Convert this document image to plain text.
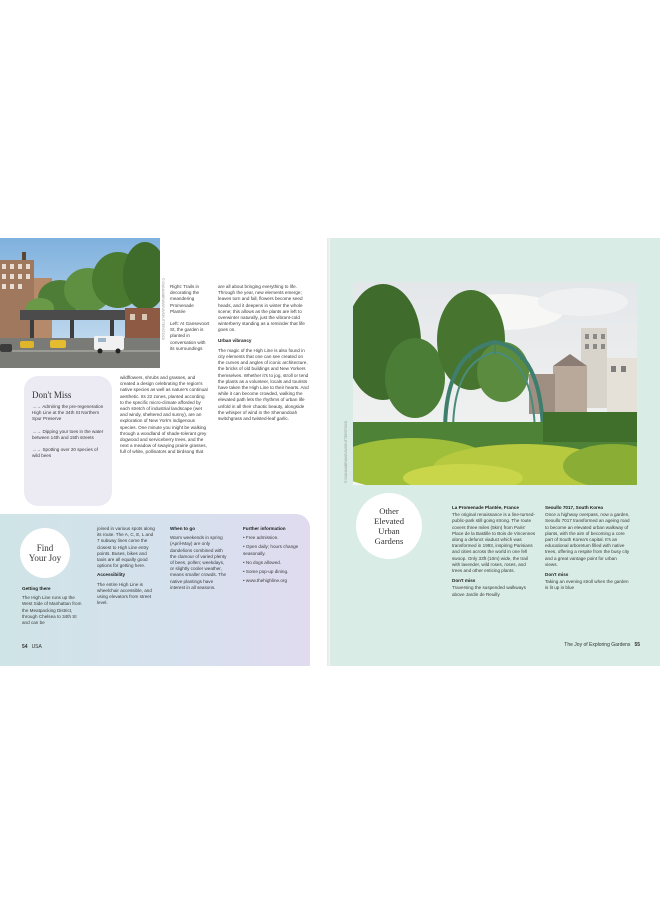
© DIANA/ABRAMOVA/SHUTTERSTOCK Right: Trails in decorating the meandering Promenade Plantée

Left: At Gansevoort St, the garden is planted in conversation with its surroundings

wildflowers, shrubs and grasses, and created a design celebrating the region's native species as well as nature's continual aesthetic. Its 22 zones, planted according to the specific micro-climate afforded by each stretch of industrial landscape (wet and windy, sheltered and sunny), are an exploration of New York's indigenous species. One minute you might be walking through a woodland of shade-tolerant grey dogwood and serviceberry trees, and the next a meadow of swaying prairie grasses, full of white, pollinators and birdsong that

are all about bringing everything to life. Through the year, new elements emerge; leaves turn and fall, flowers become seed heads, and it deepens in winter the whole scene; this allows as the plants are left to overwinter naturally, just the vibrant-cold winterberry standing as a reminder that life goes on.

Urban vibrancy

The magic of the High Line is also found in city elements that one can see created on the curves and angles of iconic architecture, the bricks of old buildings and New Yorkers themselves. Whether it's to jog, stroll or tend the plants as a volunteer, locals and tourists have taken the High Line to their hearts. And while it can become crowded, walking the elevated path lets the rhythms of urban life unfold in all their chaotic beauty, alongside the whisper of wind in the Shenandoah switchgrass and twisted-leaf garlic.

Don't Miss
→→ Admiring the pre-regeneration High Line at the 34th St Northern Spur Preserve
→→ Dipping your toes in the water between 14th and 15th streets
→→ Spotting over 20 species of wild bees
Find
Your Joy

Getting there

The High Line runs up the West Side of Manhattan from the Meatpacking District, through Chelsea to 34th St and can be

joined in various spots along its route. The A, C, E, L and 7 subway lines come the closest to High Line entry points. Buses, bikes and taxis are all equally good options for getting here.

Accessibility

The entire High Line is wheelchair accessible, and using elevators from street level.

When to go

Warm weekends in spring (April-May) are only dandelions combined with the clamour of varied plenty of bees, pollen; weekdays, or slightly cooler weather, means smaller crowds. The native plantings have interest in all seasons.

Further information

• Free admission.

• Open daily; hours change seasonally.

• No dogs allowed.

• Some pop-up dining.

• www.thehighline.org

54 USA
© DIANA/ABRAMOVA/SHUTTERSTOCK
Other
Elevated
Urban
Gardens

La Promenade Plantée, France

The original renaissance is a line-turned-public-park still going strong. The route covers three miles (5km) from Paris' Place de la Bastille to Bois de Vincennes along a defunct viaduct which was transformed in 1993, inspiring Parisians and cities across the world in one fell swoop. Only 33ft (10m) wide, the trail with lavender, wild roses, roses, and trees and other enticing plants.

Don't miss

Traversing the suspended walkways above Jardin de Reuilly

Seoullo 7017, South Korea

Once a highway overpass, now a garden, Seoullo 7017 transformed an ageing road to become an elevated urban walkway of plants, with the aim of becoming a core part of South Korea's capital. It's an educational arboretum filled with native trees, offering a respite from the busy city and a great vantage point for urban views.

Don't miss

Taking an evening stroll when the garden is lit up in blue

The Joy of Exploring Gardens 55
